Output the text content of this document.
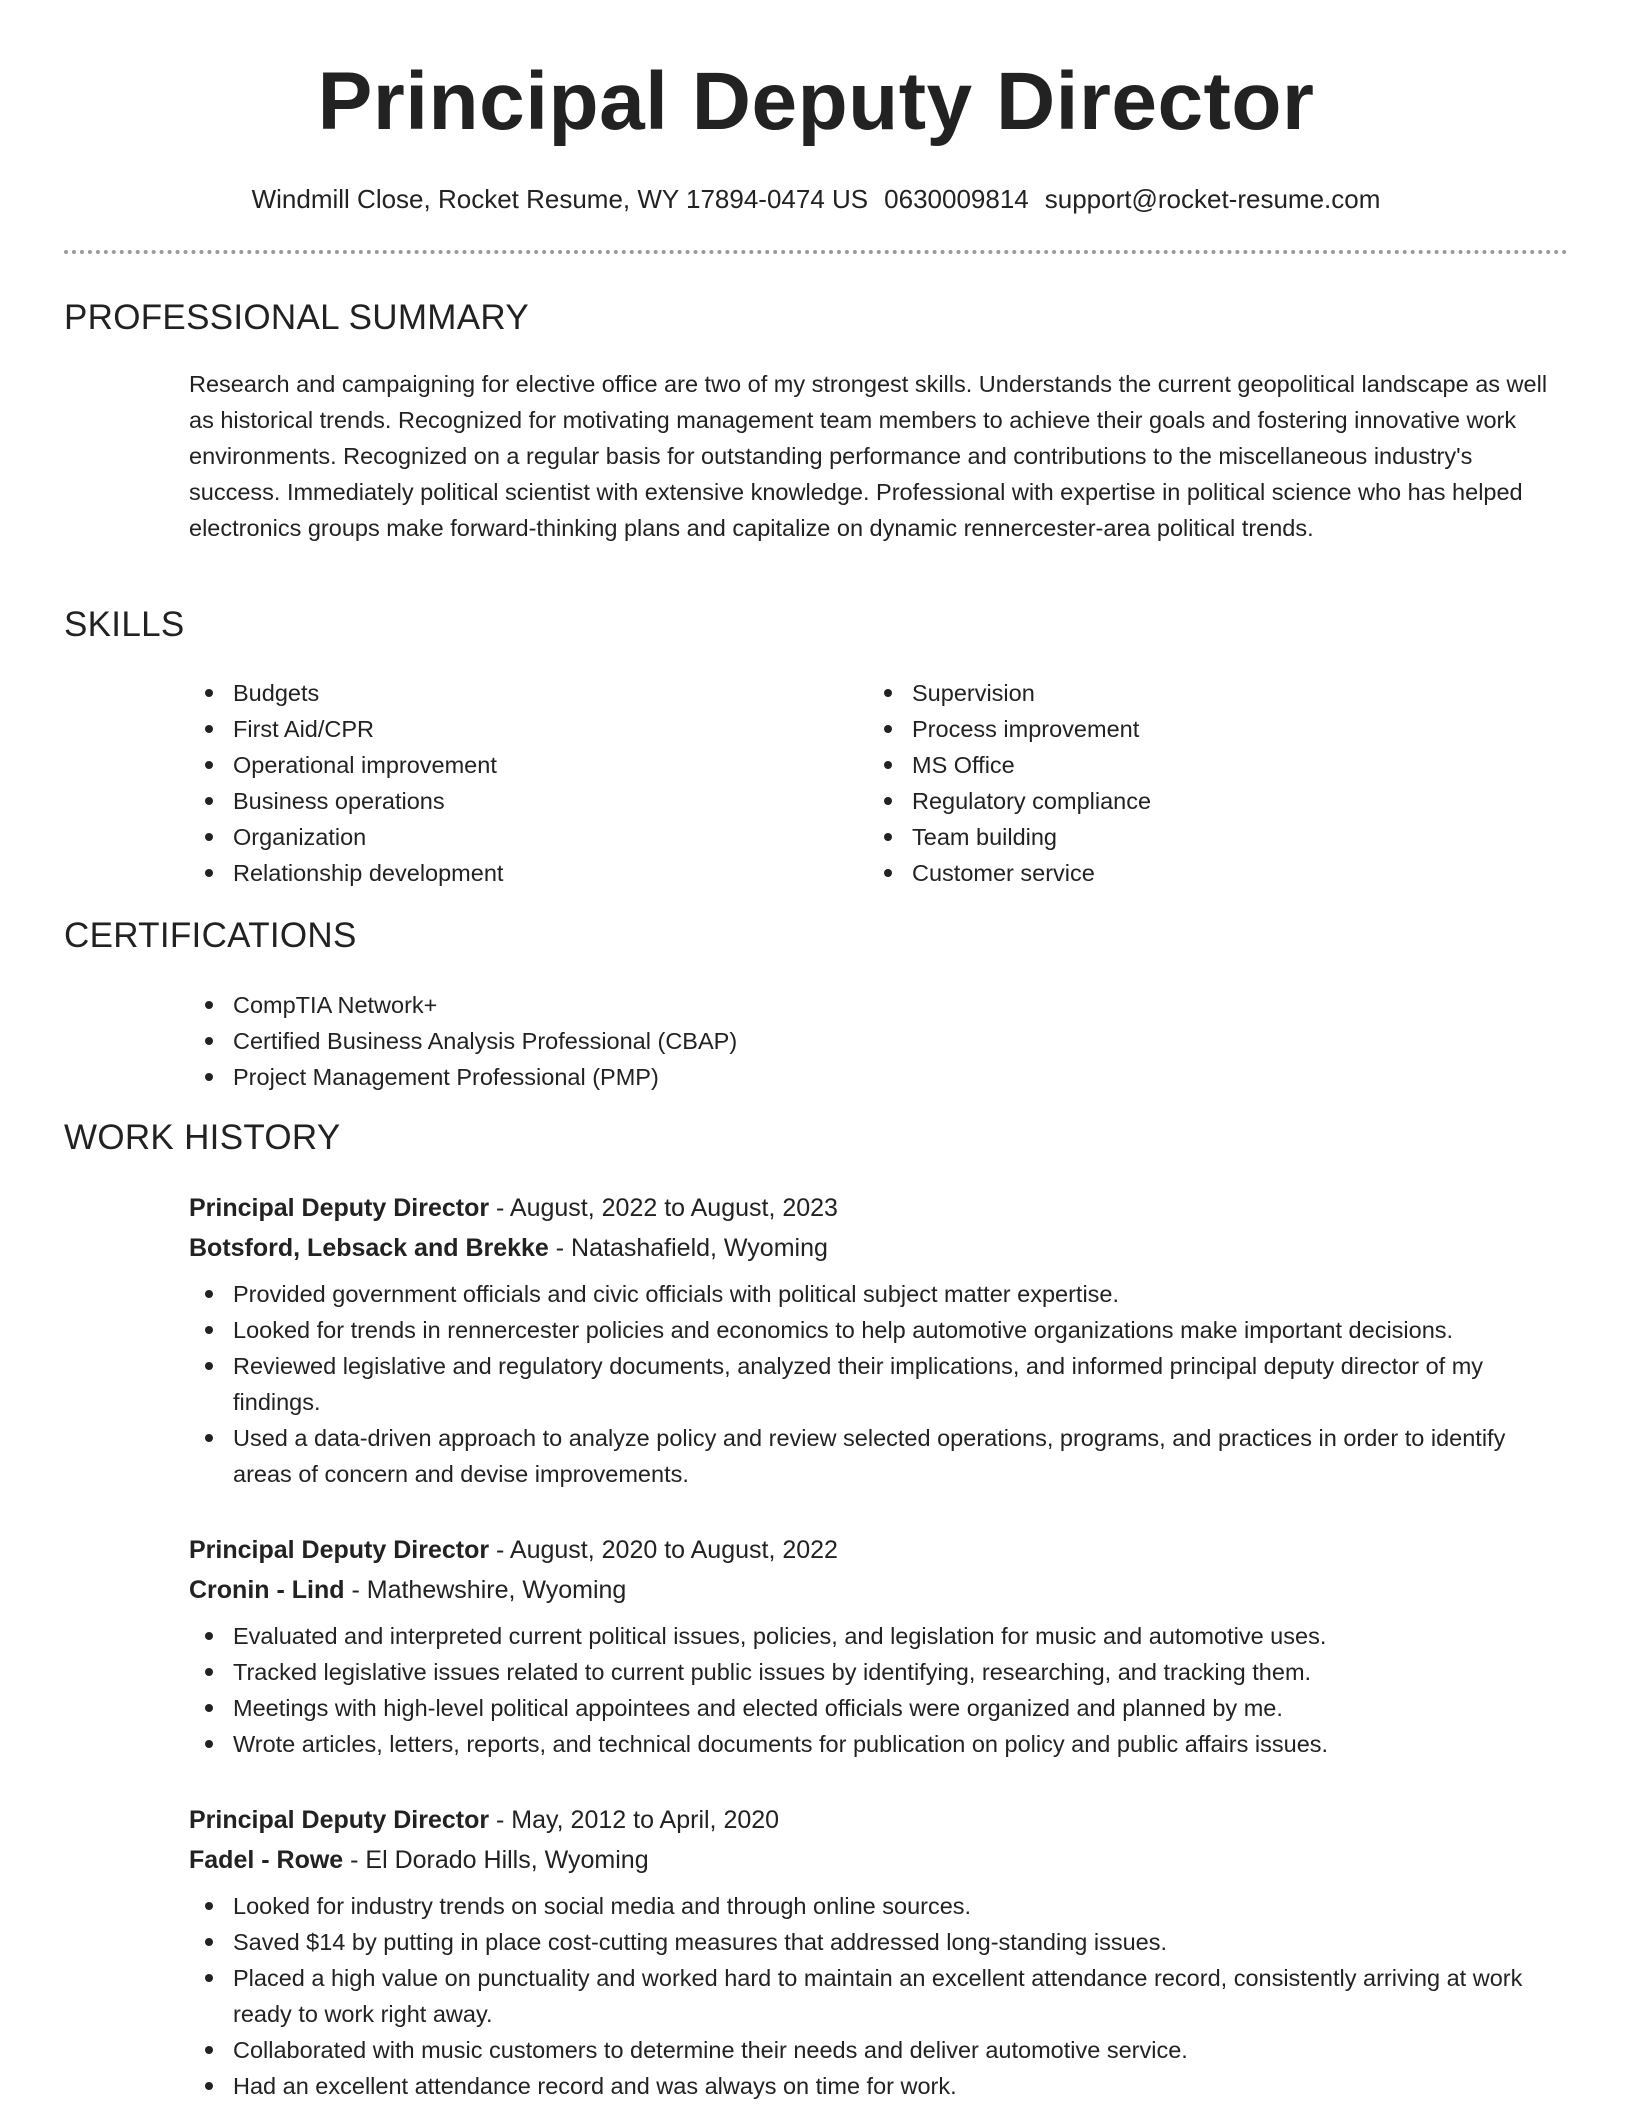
Principal Deputy Director
Windmill Close, Rocket Resume, WY 17894-0474 US 0630009814 support@rocket-resume.com
PROFESSIONAL SUMMARY
Research and campaigning for elective office are two of my strongest skills. Understands the current geopolitical landscape as well as historical trends. Recognized for motivating management team members to achieve their goals and fostering innovative work environments. Recognized on a regular basis for outstanding performance and contributions to the miscellaneous industry's success. Immediately political scientist with extensive knowledge. Professional with expertise in political science who has helped electronics groups make forward-thinking plans and capitalize on dynamic rennercester-area political trends.
SKILLS
Budgets
First Aid/CPR
Operational improvement
Business operations
Organization
Relationship development
Supervision
Process improvement
MS Office
Regulatory compliance
Team building
Customer service
CERTIFICATIONS
CompTIA Network+
Certified Business Analysis Professional (CBAP)
Project Management Professional (PMP)
WORK HISTORY
Principal Deputy Director - August, 2022 to August, 2023
Botsford, Lebsack and Brekke - Natashafield, Wyoming
Provided government officials and civic officials with political subject matter expertise.
Looked for trends in rennercester policies and economics to help automotive organizations make important decisions.
Reviewed legislative and regulatory documents, analyzed their implications, and informed principal deputy director of my findings.
Used a data-driven approach to analyze policy and review selected operations, programs, and practices in order to identify areas of concern and devise improvements.
Principal Deputy Director - August, 2020 to August, 2022
Cronin - Lind - Mathewshire, Wyoming
Evaluated and interpreted current political issues, policies, and legislation for music and automotive uses.
Tracked legislative issues related to current public issues by identifying, researching, and tracking them.
Meetings with high-level political appointees and elected officials were organized and planned by me.
Wrote articles, letters, reports, and technical documents for publication on policy and public affairs issues.
Principal Deputy Director - May, 2012 to April, 2020
Fadel - Rowe - El Dorado Hills, Wyoming
Looked for industry trends on social media and through online sources.
Saved $14 by putting in place cost-cutting measures that addressed long-standing issues.
Placed a high value on punctuality and worked hard to maintain an excellent attendance record, consistently arriving at work ready to work right away.
Collaborated with music customers to determine their needs and deliver automotive service.
Had an excellent attendance record and was always on time for work.
